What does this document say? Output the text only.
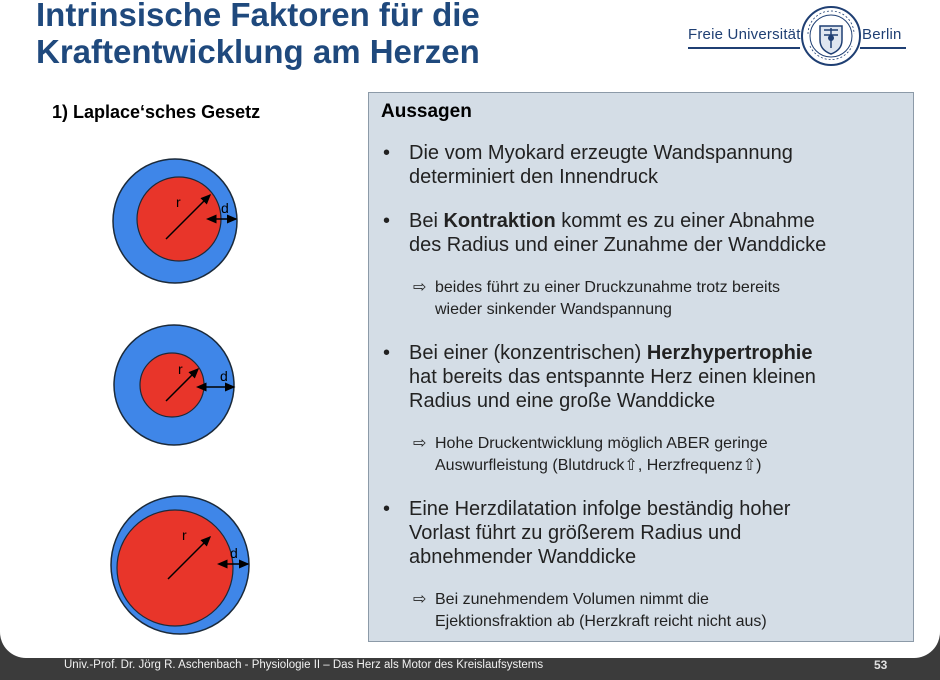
Intrinsische Faktoren für die
Kraftentwicklung am Herzen	Freie Universität	Berlin
1) Laplace‘sches Gesetz
r	d
r	d
r
d
Aussagen
• Die vom Myokard erzeugte Wandspannung
determiniert den Innendruck
• Bei Kontraktion kommt es zu einer Abnahme
des Radius und einer Zunahme der Wanddicke
⇨ beides führt zu einer Druckzunahme trotz bereits
wieder sinkender Wandspannung
• Bei einer (konzentrischen) Herzhypertrophie
hat bereits das entspannte Herz einen kleinen
Radius und eine große Wanddicke
⇨ Hohe Druckentwicklung möglich ABER geringe
Auswurfleistung (Blutdruck⇧, Herzfrequenz⇧)
• Eine Herzdilatation infolge beständig hoher
Vorlast führt zu größerem Radius und
abnehmender Wanddicke
⇨ Bei zunehmendem Volumen nimmt die
Ejektionsfraktion ab (Herzkraft reicht nicht aus)
Univ.-Prof. Dr. Jörg R. Aschenbach - Physiologie II – Das Herz als Motor des Kreislaufsystems	53
